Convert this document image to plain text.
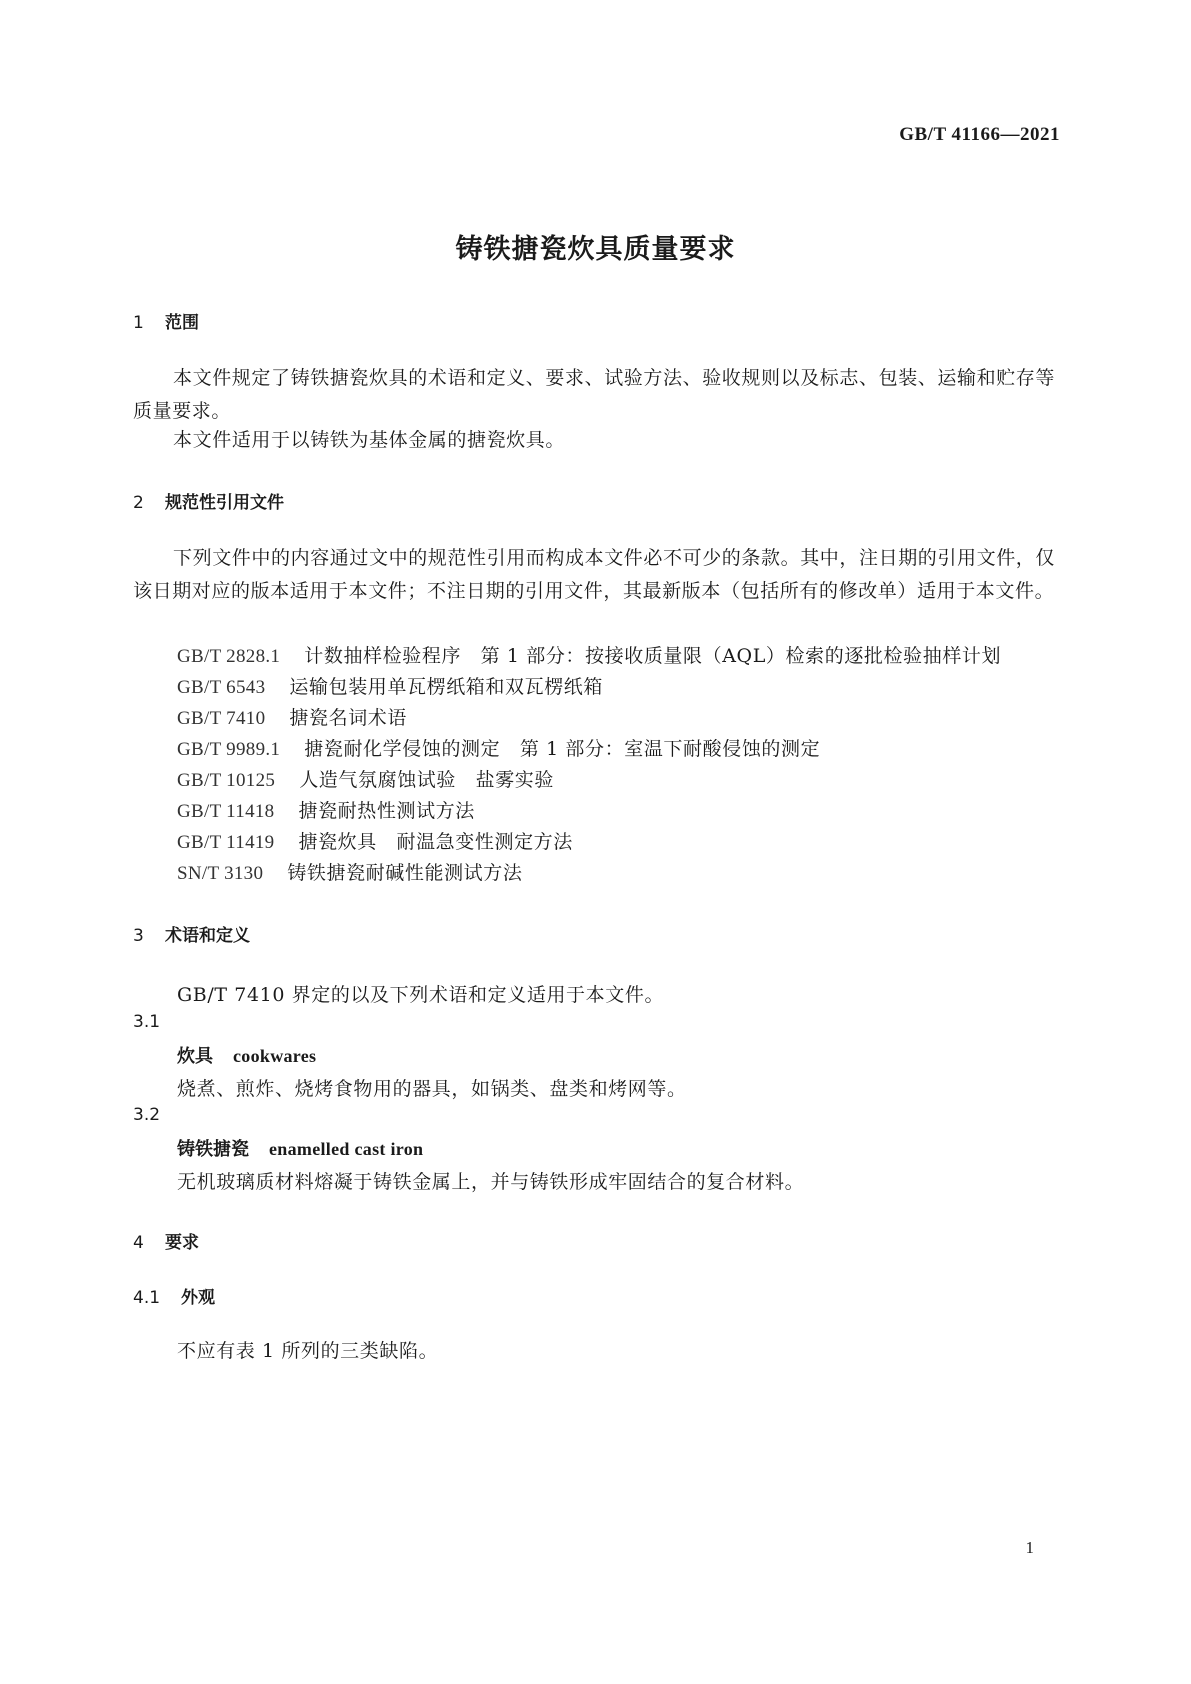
GB/T 41166—2021
铸铁搪瓷炊具质量要求
1 范围
本文件规定了铸铁搪瓷炊具的术语和定义、要求、试验方法、验收规则以及标志、包装、运输和贮存等质量要求。
本文件适用于以铸铁为基体金属的搪瓷炊具。
2 规范性引用文件
下列文件中的内容通过文中的规范性引用而构成本文件必不可少的条款。其中，注日期的引用文件，仅该日期对应的版本适用于本文件；不注日期的引用文件，其最新版本（包括所有的修改单）适用于本文件。
GB/T 2828.1 计数抽样检验程序　第 1 部分：按接收质量限（AQL）检索的逐批检验抽样计划
GB/T 6543 运输包装用单瓦楞纸箱和双瓦楞纸箱
GB/T 7410 搪瓷名词术语
GB/T 9989.1 搪瓷耐化学侵蚀的测定　第 1 部分：室温下耐酸侵蚀的测定
GB/T 10125 人造气氛腐蚀试验　盐雾实验
GB/T 11418 搪瓷耐热性测试方法
GB/T 11419 搪瓷炊具　耐温急变性测定方法
SN/T 3130 铸铁搪瓷耐碱性能测试方法
3 术语和定义
GB/T 7410 界定的以及下列术语和定义适用于本文件。
3.1
炊具 cookwares
烧煮、煎炸、烧烤食物用的器具，如锅类、盘类和烤网等。
3.2
铸铁搪瓷 enamelled cast iron
无机玻璃质材料熔凝于铸铁金属上，并与铸铁形成牢固结合的复合材料。
4 要求
4.1 外观
不应有表 1 所列的三类缺陷。
1
